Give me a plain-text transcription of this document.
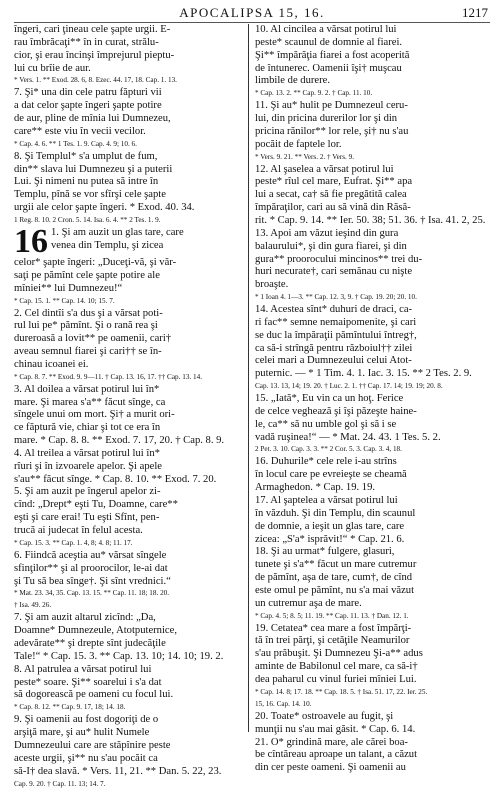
APOCALIPSA 15, 16.	1217
îngeri, cari ţineau cele şapte urgii. E-
rau îmbrăcaţi** în in curat, strălu-
cior, şi erau încinşi împrejurul pieptu-
lui cu brîie de aur.
* Vers. 1. ** Exod. 28. 6, 8. Ezec. 44. 17, 18. Cap. 1. 13.
7. Şi* una din cele patru făpturi vii
a dat celor şapte îngeri şapte potire
de aur, pline de mînia lui Dumnezeu,
care** este viu în vecii vecilor.
* Cap. 4. 6. ** 1 Tes. 1. 9. Cap. 4. 9; 10. 6.
8. Şi Templul* s'a umplut de fum,
din** slava lui Dumnezeu şi a puterii
Lui. Şi nimeni nu putea să intre în
Templu, pînă se vor sfîrşi cele şapte
urgii ale celor şapte îngeri. * Exod. 40. 34.
1 Reg. 8. 10. 2 Cron. 5. 14. Isa. 6. 4. ** 2 Tes. 1. 9.
16 1. Şi am auzit un glas tare, care
venea din Templu, şi zicea
celor* şapte îngeri: „Duceţi-vă, şi văr-
saţi pe pămînt cele şapte potire ale
mîniei** lui Dumnezeu!“
* Cap. 15. 1. ** Cap. 14. 10; 15. 7.
2. Cel dintîi s'a dus şi a vărsat poti-
rul lui pe* pămînt. Şi o rană rea şi
dureroasă a lovit** pe oamenii, cari†
aveau semnul fiarei şi cari†† se în-
chinau icoanei ei.
* Cap. 8. 7. ** Exod. 9. 9—11. † Cap. 13. 16, 17. †† Cap. 13. 14.
3. Al doilea a vărsat potirul lui în*
mare. Şi marea s'a** făcut sînge, ca
sîngele unui om mort. Şi† a murit ori-
ce făptură vie, chiar şi tot ce era în
mare. * Cap. 8. 8. ** Exod. 7. 17, 20. † Cap. 8. 9.
4. Al treilea a vărsat potirul lui în*
rîuri şi în izvoarele apelor. Şi apele
s'au** făcut sînge. * Cap. 8. 10. ** Exod. 7. 20.
5. Şi am auzit pe îngerul apelor zi-
cînd: „Drept* eşti Tu, Doamne, care**
eşti şi care erai! Tu eşti Sfînt, pen-
trucă ai judecat în felul acesta.
* Cap. 15. 3. ** Cap. 1. 4, 8; 4. 8; 11. 17.
6. Fiindcă aceştia au* vărsat sîngele
sfinţilor** şi al proorocilor, le-ai dat
şi Tu să bea sînge†. Şi sînt vrednici.“
* Mat. 23. 34, 35. Cap. 13. 15. ** Cap. 11. 18; 18. 20.
† Isa. 49. 26.
7. Şi am auzit altarul zicînd: „Da,
Doamne* Dumnezeule, Atotputernice,
adevărate** şi drepte sînt judecăţile
Tale!“ * Cap. 15. 3. ** Cap. 13. 10; 14. 10; 19. 2.
8. Al patrulea a vărsat potirul lui
peste* soare. Şi** soarelui i s'a dat
să dogorească pe oameni cu focul lui.
* Cap. 8. 12. ** Cap. 9. 17, 18; 14. 18.
9. Şi oamenii au fost dogoriţi de o
arşiţă mare, şi au* hulit Numele
Dumnezeului care are stăpînire peste
aceste urgii, şi** nu s'au pocăit ca
să-I† dea slavă. * Vers. 11, 21. ** Dan. 5. 22, 23.
Cap. 9. 20. † Cap. 11. 13; 14. 7.
10. Al cincilea a vărsat potirul lui
peste* scaunul de domnie al fiarei.
Şi** împărăţia fiarei a fost acoperită
de întunerec. Oamenii îşi† muşcau
limbile de durere.
* Cap. 13. 2. ** Cap. 9. 2. † Cap. 11. 10.
11. Şi au* hulit pe Dumnezeul ceru-
lui, din pricina durerilor lor şi din
pricina rănilor** lor rele, şi† nu s'au
pocăit de faptele lor.
* Vers. 9. 21. ** Vers. 2. † Vers. 9.
12. Al şaselea a vărsat potirul lui
peste* rîul cel mare, Eufrat. Şi** apa
lui a secat, ca† să fie pregătită calea
împăraţilor, cari au să vină din Răsă-
rit. * Cap. 9. 14. ** Ier. 50. 38; 51. 36. † Isa. 41. 2, 25.
13. Apoi am văzut ieşind din gura
balaurului*, şi din gura fiarei, şi din
gura** proorocului mincinos** trei du-
huri necurate†, cari semănau cu nişte
broaşte.
* 1 Ioan 4. 1—3. ** Cap. 12. 3, 9. † Cap. 19. 20; 20. 10.
14. Acestea sînt* duhuri de draci, ca-
ri fac** semne nemaipomenite, şi cari
se duc la împăraţii pămîntului întreg†,
ca să-i strîngă pentru războiul†† zilei
celei mari a Dumnezeului celui Atot-
puternic. — * 1 Tim. 4. 1. Iac. 3. 15. ** 2 Tes. 2. 9.
Cap. 13. 13, 14; 19. 20. † Luc. 2. 1. †† Cap. 17. 14; 19. 19; 20. 8.
15. „Iată*, Eu vin ca un hoţ. Ferice
de celce veghează şi îşi păzeşte haine-
le, ca** să nu umble gol şi să i se
vadă ruşinea!“ — * Mat. 24. 43. 1 Tes. 5. 2.
2 Pet. 3. 10. Cap. 3. 3. ** 2 Cor. 5. 3. Cap. 3. 4, 18.
16. Duhurile* cele rele i-au strîns
în locul care pe evreieşte se cheamă
Armaghedon. * Cap. 19. 19.
17. Al şaptelea a vărsat potirul lui
în văzduh. Şi din Templu, din scaunul
de domnie, a ieşit un glas tare, care
zicea: „S'a* isprăvit!“ * Cap. 21. 6.
18. Şi au urmat* fulgere, glasuri,
tunete şi s'a** făcut un mare cutremur
de pămînt, aşa de tare, cum†, de cînd
este omul pe pămînt, nu s'a mai văzut
un cutremur aşa de mare.
* Cap. 4. 5; 8. 5; 11. 19. ** Cap. 11. 13. † Dan. 12. 1.
19. Cetatea* cea mare a fost împărţi-
tă în trei părţi, şi cetăţile Neamurilor
s'au prăbuşit. Şi Dumnezeu Şi-a** adus
aminte de Babilonul cel mare, ca să-i†
dea paharul cu vinul furiei mîniei Lui.
* Cap. 14. 8; 17. 18. ** Cap. 18. 5. † Isa. 51. 17, 22. Ier. 25.
15, 16. Cap. 14. 10.
20. Toate* ostroavele au fugit, şi
munţii nu s'au mai găsit. * Cap. 6. 14.
21. O* grindină mare, ale cărei boa-
be cîntăreau aproape un talant, a căzut
din cer peste oameni. Şi oamenii au
